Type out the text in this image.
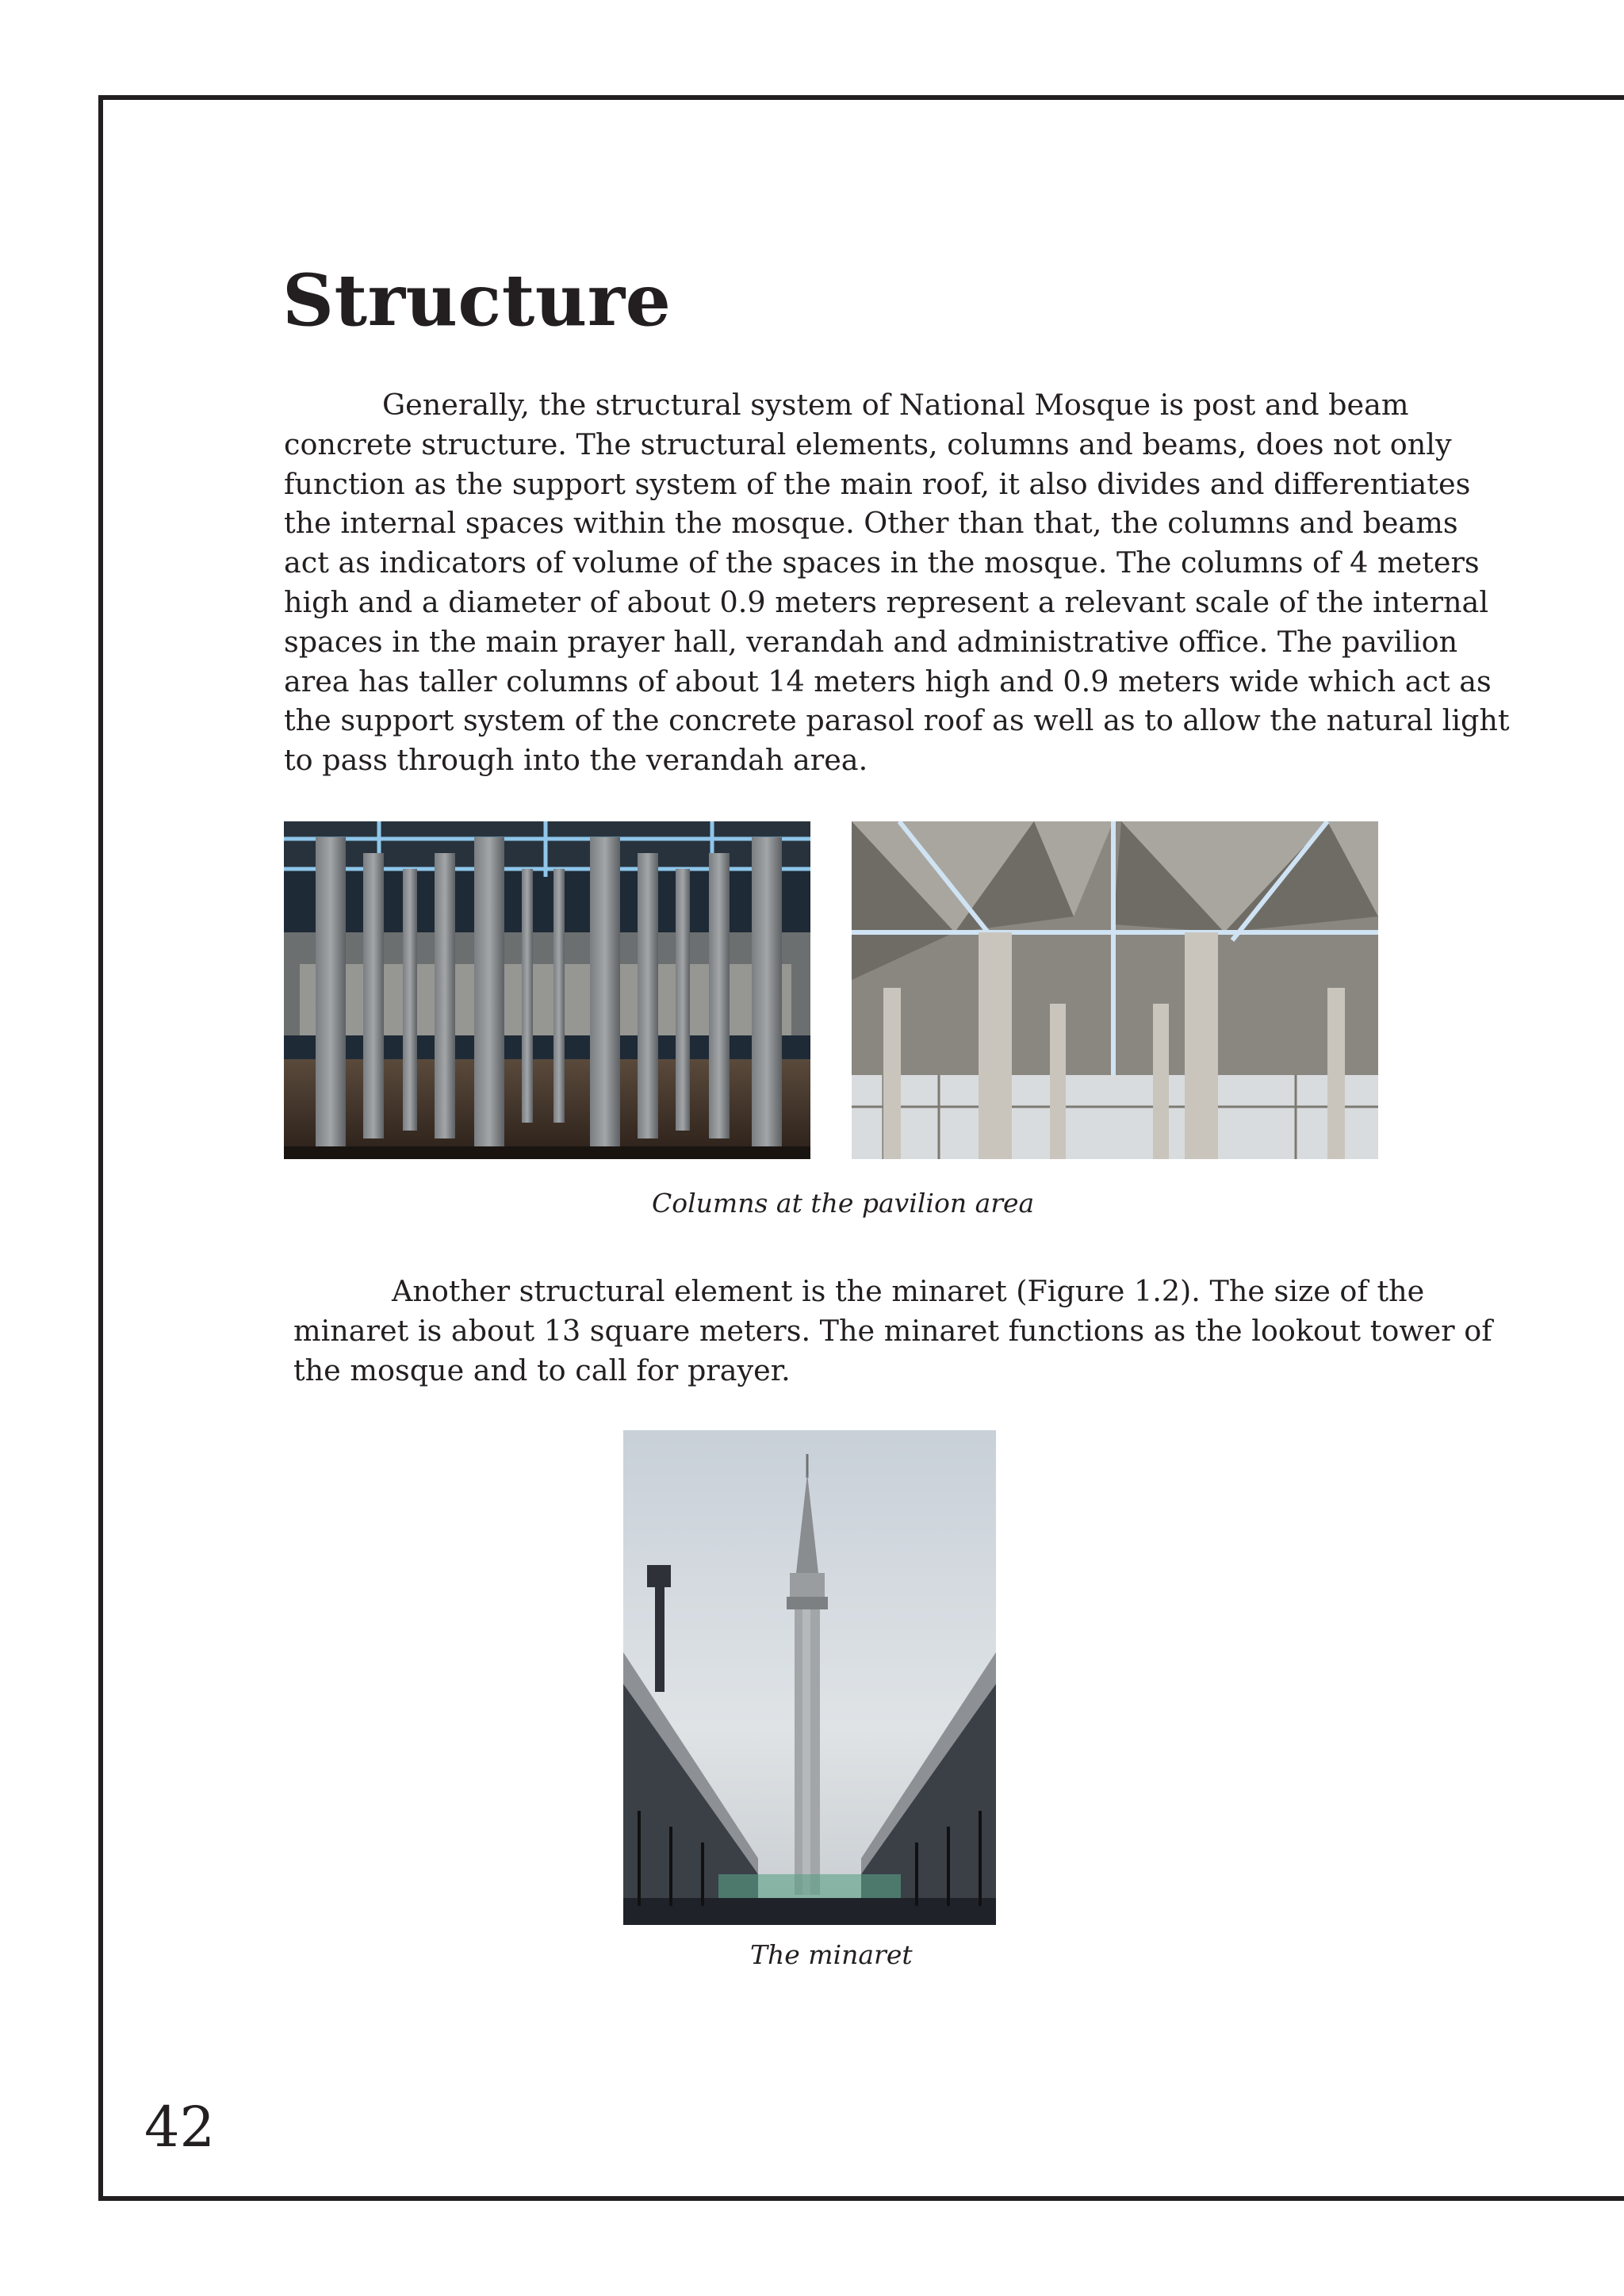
Structure

Generally, the structural system of National Mosque is post and beam
concrete structure. The structural elements, columns and beams, does not only
function as the support system of the main roof, it also divides and differentiates
the internal spaces within the mosque. Other than that, the columns and beams
act as indicators of volume of the spaces in the mosque. The columns of 4 meters
high and a diameter of about 0.9 meters represent a relevant scale of the internal
spaces in the main prayer hall, verandah and administrative office. The pavilion
area has taller columns of about 14 meters high and 0.9 meters wide which act as
the support system of the concrete parasol roof as well as to allow the natural light
to pass through into the verandah area.

Columns at the pavilion area

Another structural element is the minaret (Figure 1.2). The size of the
minaret is about 13 square meters. The minaret functions as the lookout tower of
the mosque and to call for prayer.

The minaret

42
